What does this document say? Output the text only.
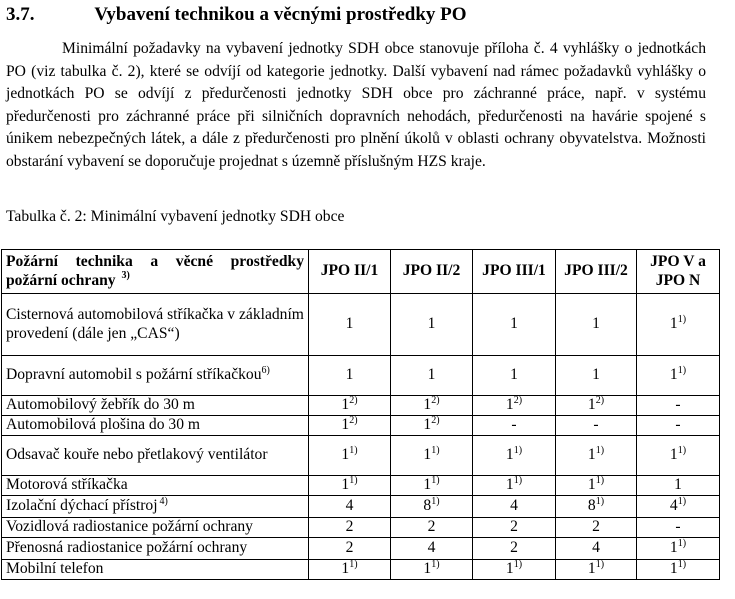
3.7.	Vybavení technikou a věcnými prostředky PO

Minimální požadavky na vybavení jednotky SDH obce stanovuje příloha č. 4 vyhlášky o jednotkách PO (viz tabulka č. 2), které se odvíjí od kategorie jednotky. Další vybavení nad rámec požadavků vyhlášky o jednotkách PO se odvíjí z předurčenosti jednotky SDH obce pro záchranné práce, např. v systému předurčenosti pro záchranné práce při silničních dopravních nehodách, předurčenosti na havárie spojené s únikem nebezpečných látek, a dále z předurčenosti pro plnění úkolů v oblasti ochrany obyvatelstva. Možnosti obstarání vybavení se doporučuje projednat s územně příslušným HZS kraje.

Tabulka č. 2: Minimální vybavení jednotky SDH obce
Požární technika a věcné prostředky požární ochrany $^{3)}$	JPO II/1	JPO II/2	JPO III/1	JPO III/2	JPO V a JPO N
Cisternová automobilová stříkačka v základním provedení (dále jen „CAS“)	1	1	1	1	1$^{1)}$
Dopravní automobil s požární stříkačkou$^{6)}$	1	1	1	1	1$^{1)}$
Automobilový žebřík do 30 m	1$^{2)}$	1$^{2)}$	1$^{2)}$	1$^{2)}$	-
Automobilová plošina do 30 m	1$^{2)}$	1$^{2)}$	-	-	-
Odsavač kouře nebo přetlakový ventilátor	1$^{1)}$	1$^{1)}$	1$^{1)}$	1$^{1)}$	1$^{1)}$
Motorová stříkačka	1$^{1)}$	1$^{1)}$	1$^{1)}$	1$^{1)}$	1
Izolační dýchací přístroj $^{4)}$	4	8$^{1)}$	4	8$^{1)}$	4$^{1)}$
Vozidlová radiostanice požární ochrany	2	2	2	2	-
Přenosná radiostanice požární ochrany	2	4	2	4	1$^{1)}$
Mobilní telefon	1$^{1)}$	1$^{1)}$	1$^{1)}$	1$^{1)}$	1$^{1)}$
